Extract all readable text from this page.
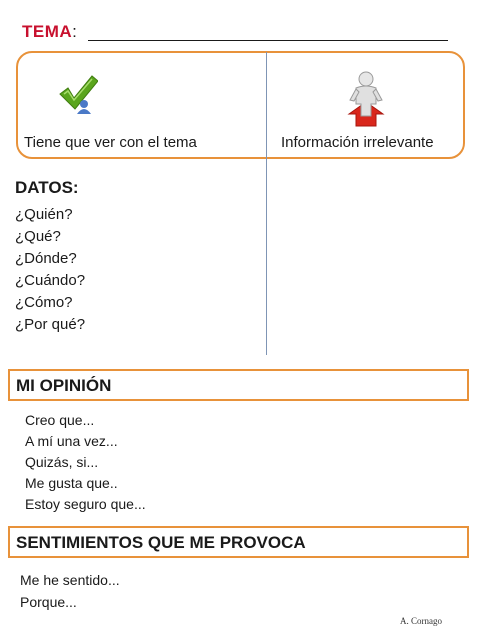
TEMA:
Tiene que ver con el tema	Información irrelevante
DATOS:
¿Quién?
¿Qué?
¿Dónde?
¿Cuándo?
¿Cómo?
¿Por qué?
MI OPINIÓN
Creo que...
A mí una vez...
Quizás, si...
Me gusta que..
Estoy seguro que...
SENTIMIENTOS QUE ME PROVOCA
Me he sentido...
Porque...
A. Cornago
